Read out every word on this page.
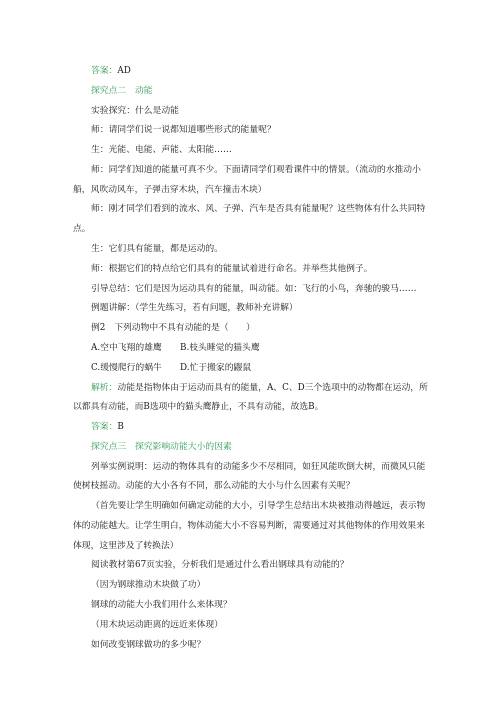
答案：AD
探究点二　动能
实验探究：什么是动能
师：请同学们说一说都知道哪些形式的能量呢？
生：光能、电能、声能、太阳能……
师：同学们知道的能量可真不少。下面请同学们观看课件中的情景。（流动的水推动小
船，风吹动风车，子弹击穿木块，汽车撞击木块）
师：刚才同学们看到的流水、风、子弹、汽车是否具有能量呢？这些物体有什么共同特
点。
生：它们具有能量，都是运动的。
师：根据它们的特点给它们具有的能量试着进行命名。并举些其他例子。
引导总结：它们是因为运动具有的能量，叫动能。如：飞行的小鸟，奔驰的骏马……
例题讲解：（学生先练习，若有问题，教师补充讲解）
例2　下列动物中不具有动能的是（　　）
A.空中飞翔的雄鹰 B.枝头睡觉的猫头鹰
C.缓慢爬行的蜗牛 D.忙于搬家的鼹鼠
解析：动能是指物体由于运动而具有的能量，A、C、D三个选项中的动物都在运动，所
以都具有动能，而B选项中的猫头鹰静止，不具有动能，故选B。
答案：B
探究点三　探究影响动能大小的因素
列举实例说明：运动的物体具有的动能多少不尽相同，如狂风能吹倒大树，而微风只能
使树枝摇动。动能的大小各有不同，那么动能的大小与什么因素有关呢？
（首先要让学生明确如何确定动能的大小，引导学生总结出木块被推动得越远，表示物
体的动能越大。让学生明白，物体动能大小不容易判断，需要通过对其他物体的作用效果来
体现，这里涉及了转换法）
阅读教材第67页实验，分析我们是通过什么看出钢球具有动能的？
（因为钢球推动木块做了功）
钢球的动能大小我们用什么来体现？
（用木块运动距离的远近来体现）
如何改变钢球做功的多少呢？
